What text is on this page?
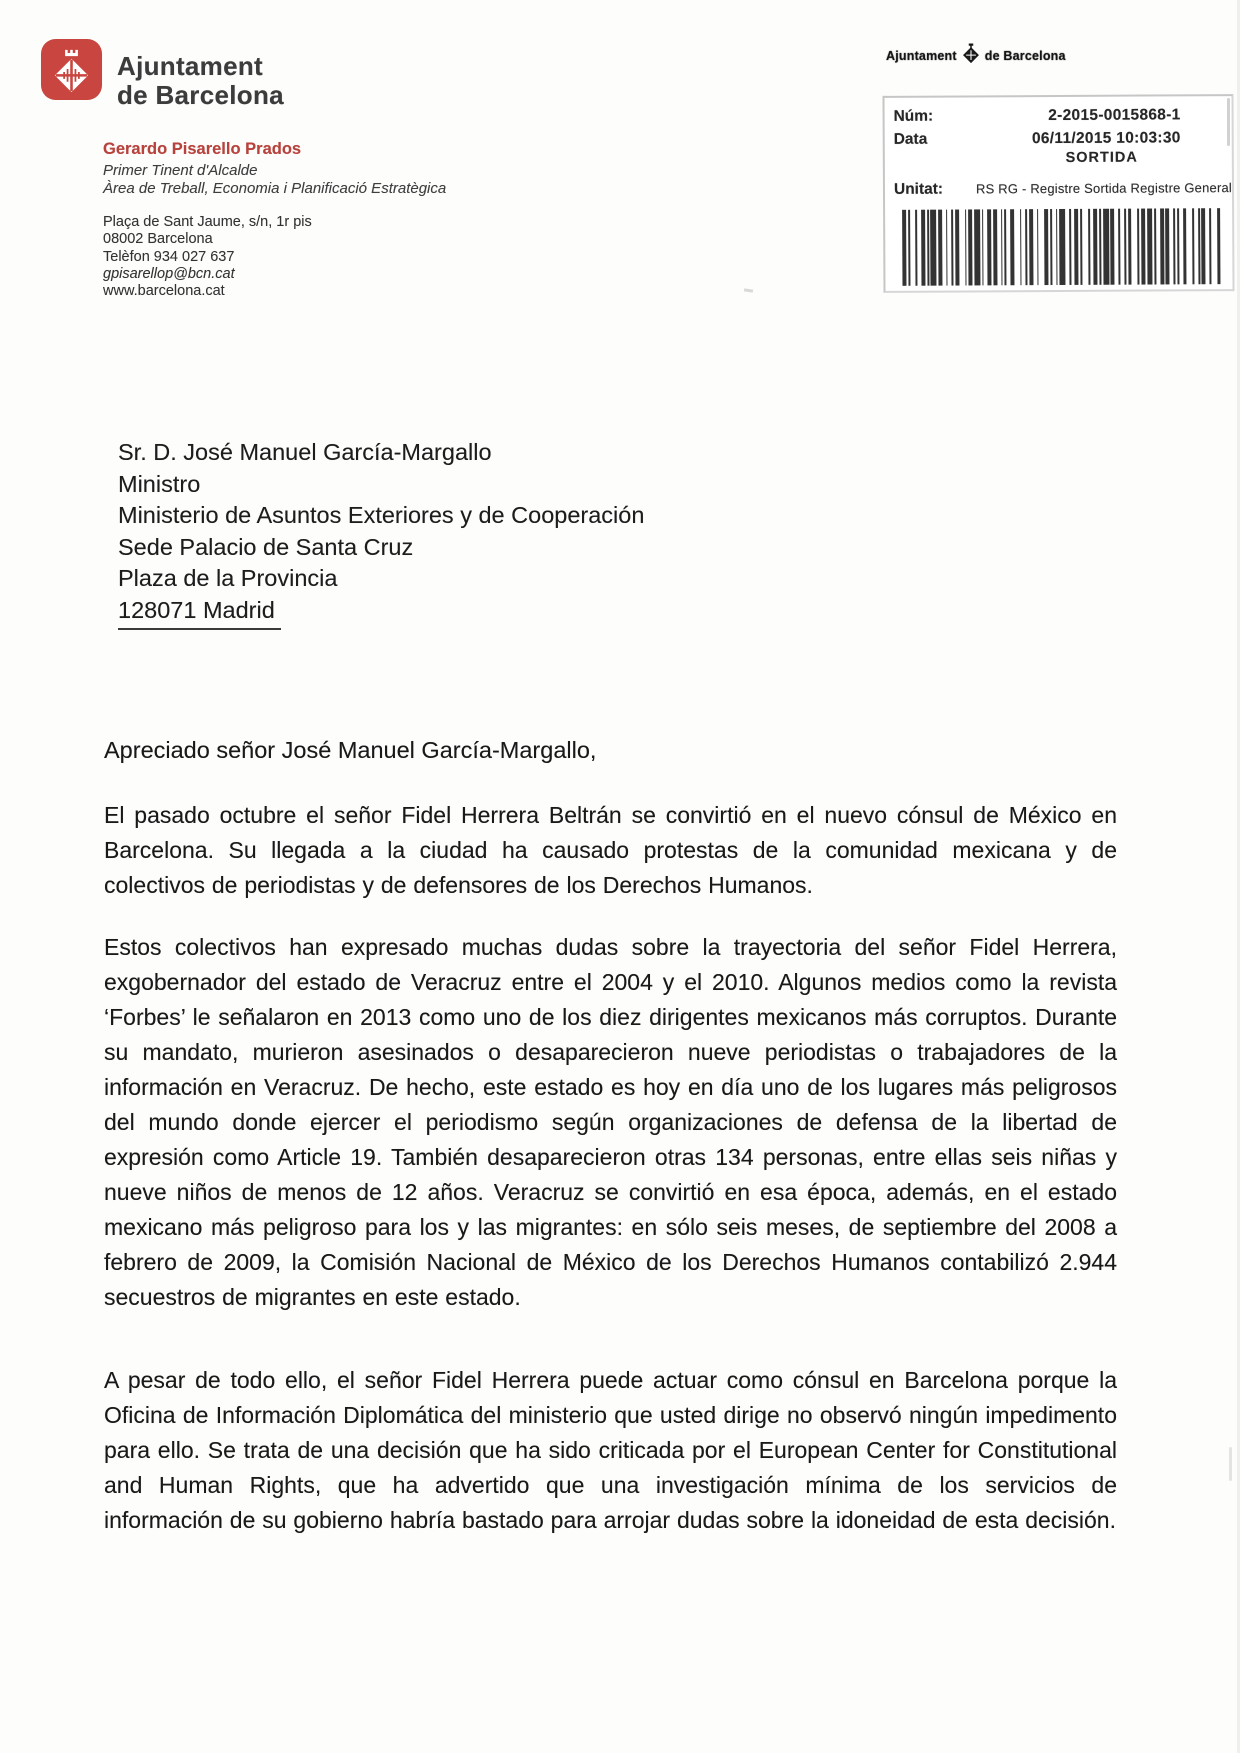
Ajuntament
de Barcelona
Gerardo Pisarello Prados
Primer Tinent d'Alcalde
Àrea de Treball, Economia i Planificació Estratègica
Plaça de Sant Jaume, s/n, 1r pis
08002 Barcelona
Telèfon 934 027 637
gpisarellop@bcn.cat
www.barcelona.cat
Ajuntament de Barcelona
Núm:	2-2015-0015868-1
Data	06/11/2015 10:03:30
SORTIDA
Unitat:	RS RG - Registre Sortida Registre General
Sr. D. José Manuel García-Margallo
Ministro
Ministerio de Asuntos Exteriores y de Cooperación
Sede Palacio de Santa Cruz
Plaza de la Provincia
128071 Madrid
Apreciado señor José Manuel García-Margallo,

El pasado octubre el señor Fidel Herrera Beltrán se convirtió en el nuevo cónsul de México en Barcelona. Su llegada a la ciudad ha causado protestas de la comunidad mexicana y de colectivos de periodistas y de defensores de los Derechos Humanos.

Estos colectivos han expresado muchas dudas sobre la trayectoria del señor Fidel Herrera, exgobernador del estado de Veracruz entre el 2004 y el 2010. Algunos medios como la revista ‘Forbes’ le señalaron en 2013 como uno de los diez dirigentes mexicanos más corruptos. Durante su mandato, murieron asesinados o desaparecieron nueve periodistas o trabajadores de la información en Veracruz. De hecho, este estado es hoy en día uno de los lugares más peligrosos del mundo donde ejercer el periodismo según organizaciones de defensa de la libertad de expresión como Article 19. También desaparecieron otras 134 personas, entre ellas seis niñas y nueve niños de menos de 12 años. Veracruz se convirtió en esa época, además, en el estado mexicano más peligroso para los y las migrantes: en sólo seis meses, de septiembre del 2008 a febrero de 2009, la Comisión Nacional de México de los Derechos Humanos contabilizó 2.944 secuestros de migrantes en este estado.

A pesar de todo ello, el señor Fidel Herrera puede actuar como cónsul en Barcelona porque la Oficina de Información Diplomática del ministerio que usted dirige no observó ningún impedimento para ello. Se trata de una decisión que ha sido criticada por el European Center for Constitutional and Human Rights, que ha advertido que una investigación mínima de los servicios de información de su gobierno habría bastado para arrojar dudas sobre la idoneidad de esta decisión.
